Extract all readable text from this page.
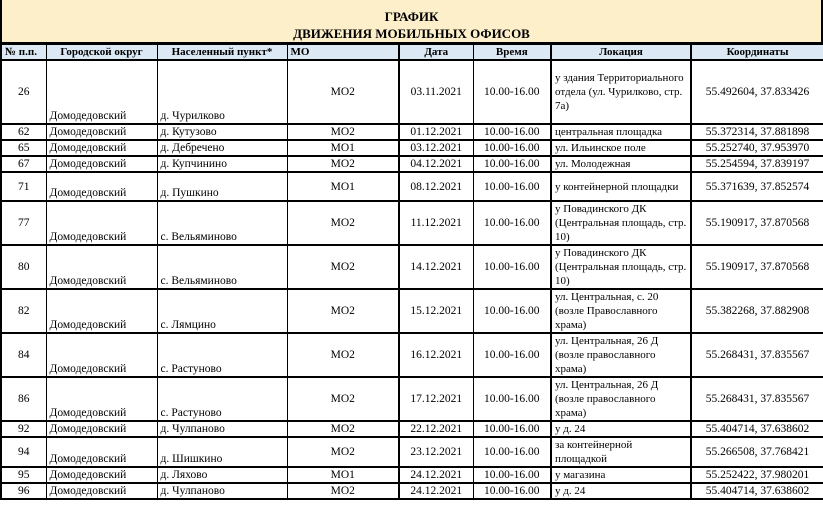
ГРАФИК
ДВИЖЕНИЯ МОБИЛЬНЫХ ОФИСОВ
№ п.п.	Городской округ	Населенный пункт*	МО	Дата	Время	Локация	Координаты
26	Домодедовский	д. Чурилково	МО2	03.11.2021	10.00-16.00	у здания Территориального отдела (ул. Чурилково, стр. 7а)	55.492604, 37.833426
62	Домодедовский	д. Кутузово	МО2	01.12.2021	10.00-16.00	центральная площадка	55.372314, 37.881898
65	Домодедовский	д. Дебречено	МО1	03.12.2021	10.00-16.00	ул. Ильинское поле	55.252740, 37.953970
67	Домодедовский	д. Купчинино	МО2	04.12.2021	10.00-16.00	ул. Молодежная	55.254594, 37.839197
71	Домодедовский	д. Пушкино	МО1	08.12.2021	10.00-16.00	у контейнерной площадки	55.371639, 37.852574
77	Домодедовский	с. Вельяминово	МО2	11.12.2021	10.00-16.00	у Повадинского ДК (Центральная площадь, стр. 10)	55.190917, 37.870568
80	Домодедовский	с. Вельяминово	МО2	14.12.2021	10.00-16.00	у Повадинского ДК (Центральная площадь, стр. 10)	55.190917, 37.870568
82	Домодедовский	с. Лямцино	МО2	15.12.2021	10.00-16.00	ул. Центральная, с. 20 (возле Православного храма)	55.382268, 37.882908
84	Домодедовский	с. Растуново	МО2	16.12.2021	10.00-16.00	ул. Центральная, 26 Д (возле православного храма)	55.268431, 37.835567
86	Домодедовский	с. Растуново	МО2	17.12.2021	10.00-16.00	ул. Центральная, 26 Д (возле православного храма)	55.268431, 37.835567
92	Домодедовский	д. Чулпаново	МО2	22.12.2021	10.00-16.00	у д. 24	55.404714, 37.638602
94	Домодедовский	д. Шишкино	МО2	23.12.2021	10.00-16.00	за контейнерной площадкой	55.266508, 37.768421
95	Домодедовский	д. Ляхово	МО1	24.12.2021	10.00-16.00	у магазина	55.252422, 37.980201
96	Домодедовский	д. Чулпаново	МО2	24.12.2021	10.00-16.00	у д. 24	55.404714, 37.638602
